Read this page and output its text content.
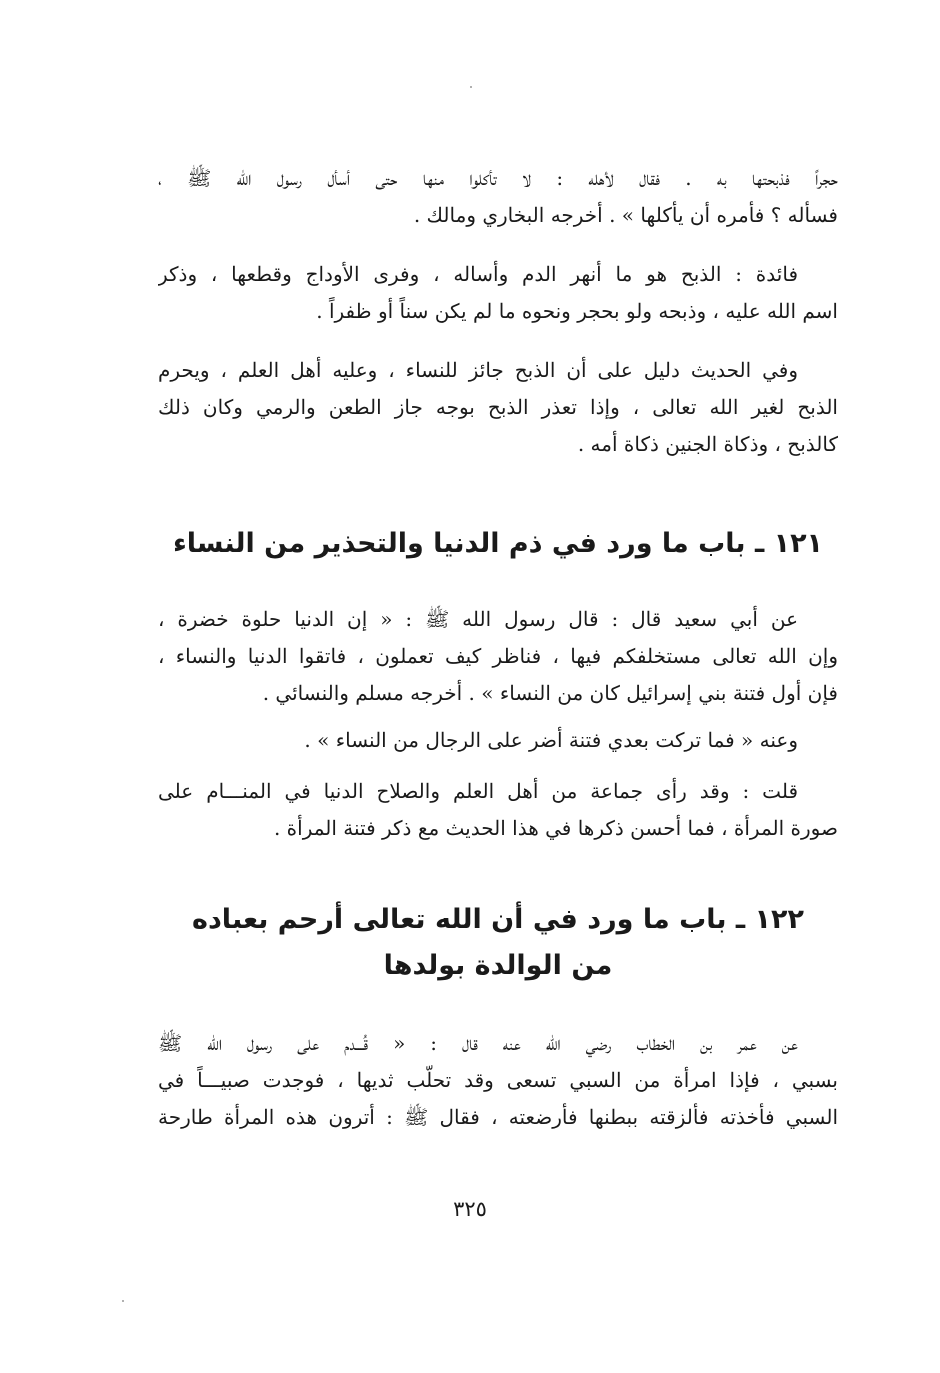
حجراً فذبحتها به . فقال لأهله : لا تأكلوا منها حتى أسأل رسول الله ﷺ ،
فسأله ؟ فأمره أن يأكلها » . أخرجه البخاري ومالك .
فائدة : الذبح هو ما أنهر الدم وأساله ، وفرى الأوداج وقطعها ، وذكر
اسم الله عليه ، وذبحه ولو بحجر ونحوه ما لم يكن سناً أو ظفراً .
وفي الحديث دليل على أن الذبح جائز للنساء ، وعليه أهل العلم ، ويحرم
الذبح لغير الله تعالى ، وإذا تعذر الذبح بوجه جاز الطعن والرمي وكان ذلك
كالذبح ، وذكاة الجنين ذكاة أمه .
١٢١ ـ باب ما ورد في ذم الدنيا والتحذير من النساء
عن أبي سعيد قال : قال رسول الله ﷺ : « إن الدنيا حلوة خضرة ،
وإن الله تعالى مستخلفكم فيها ، فناظر كيف تعملون ، فاتقوا الدنيا والنساء ،
فإن أول فتنة بني إسرائيل كان من النساء » . أخرجه مسلم والنسائي .
وعنه « فما تركت بعدي فتنة أضر على الرجال من النساء » .
قلت : وقد رأى جماعة من أهل العلم والصلاح الدنيا في المنـــام على
صورة المرأة ، فما أحسن ذكرها في هذا الحديث مع ذكر فتنة المرأة .
١٢٢ ـ باب ما ورد في أن الله تعالى أرحم بعباده
من الوالدة بولدها
عن عمر بن الخطاب رضي الله عنه قال : « قُـــدم على رسول الله ﷺ
بسبي ، فإذا امرأة من السبي تسعى وقد تحلّب ثديها ، فوجدت صبيـــاً في
السبي فأخذته فألزقته ببطنها فأرضعته ، فقال ﷺ : أترون هذه المرأة طارحة
٣٢٥
